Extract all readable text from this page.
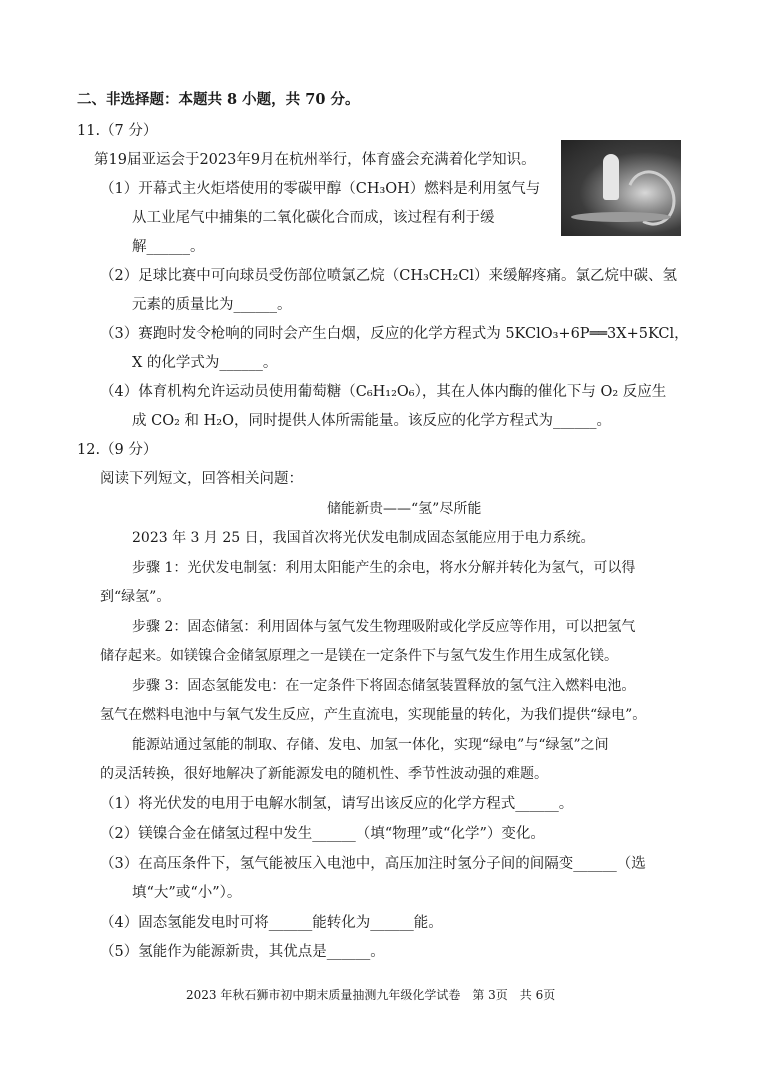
二、非选择题：本题共 8 小题，共 70 分。
11.（7 分）
第19届亚运会于2023年9月在杭州举行，体育盛会充满着化学知识。
（1）开幕式主火炬塔使用的零碳甲醇（CH₃OH）燃料是利用氢气与
从工业尾气中捕集的二氧化碳化合而成，该过程有利于缓
解______。
（2）足球比赛中可向球员受伤部位喷氯乙烷（CH₃CH₂Cl）来缓解疼痛。氯乙烷中碳、氢
元素的质量比为______。
（3）赛跑时发令枪响的同时会产生白烟，反应的化学方程式为 5KClO₃+6P══3X+5KCl，
X 的化学式为______。
（4）体育机构允许运动员使用葡萄糖（C₆H₁₂O₆），其在人体内酶的催化下与 O₂ 反应生
成 CO₂ 和 H₂O，同时提供人体所需能量。该反应的化学方程式为______。
12.（9 分）
阅读下列短文，回答相关问题：
储能新贵——“氢”尽所能
2023 年 3 月 25 日，我国首次将光伏发电制成固态氢能应用于电力系统。
步骤 1：光伏发电制氢：利用太阳能产生的余电，将水分解并转化为氢气，可以得
到“绿氢”。
步骤 2：固态储氢：利用固体与氢气发生物理吸附或化学反应等作用，可以把氢气
储存起来。如镁镍合金储氢原理之一是镁在一定条件下与氢气发生作用生成氢化镁。
步骤 3：固态氢能发电：在一定条件下将固态储氢装置释放的氢气注入燃料电池。
氢气在燃料电池中与氧气发生反应，产生直流电，实现能量的转化，为我们提供“绿电”。
能源站通过氢能的制取、存储、发电、加氢一体化，实现“绿电”与“绿氢”之间
的灵活转换，很好地解决了新能源发电的随机性、季节性波动强的难题。
（1）将光伏发的电用于电解水制氢，请写出该反应的化学方程式______。
（2）镁镍合金在储氢过程中发生______（填“物理”或“化学”）变化。
（3）在高压条件下，氢气能被压入电池中，高压加注时氢分子间的间隔变______（选
填“大”或“小”）。
（4）固态氢能发电时可将______能转化为______能。
（5）氢能作为能源新贵，其优点是______。
2023 年秋石狮市初中期末质量抽测九年级化学试卷　第 3页　共 6页
